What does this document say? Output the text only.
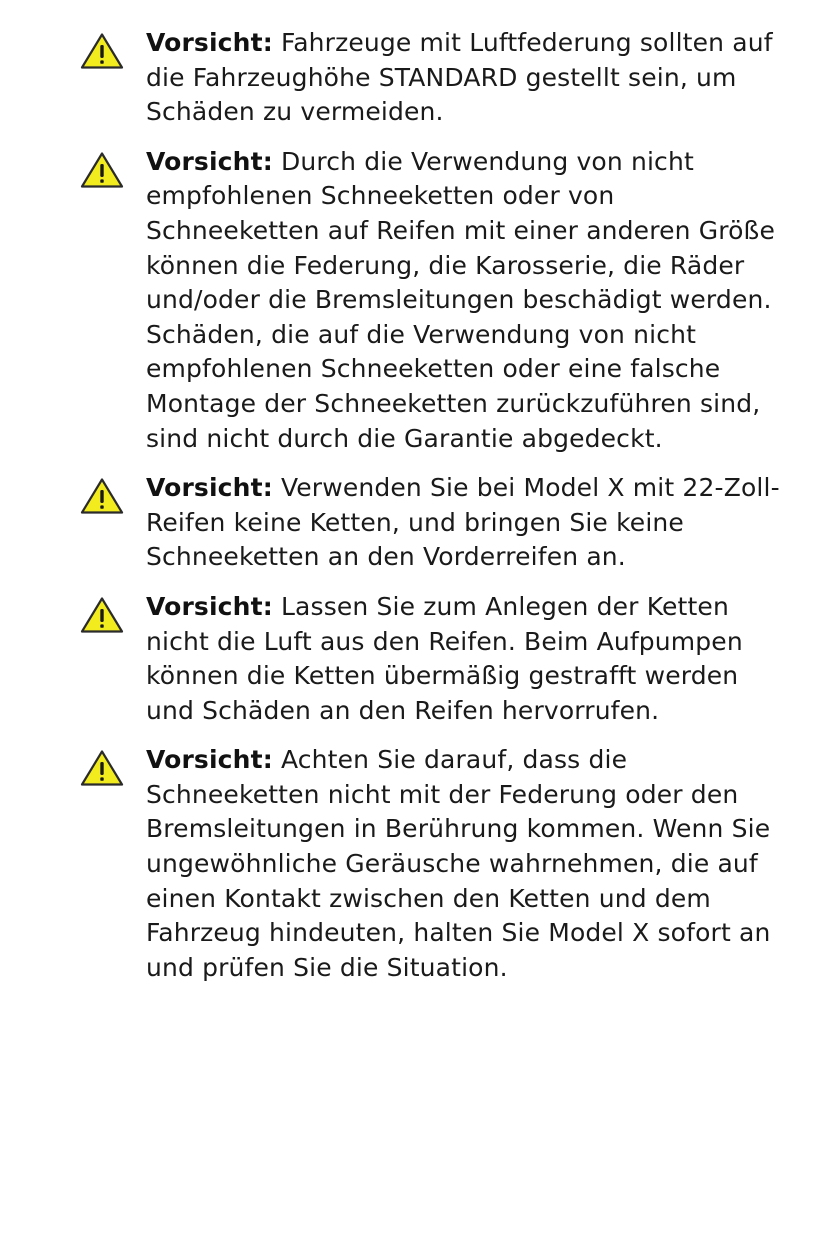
Vorsicht: Fahrzeuge mit Luftfederung sollten auf die Fahrzeughöhe STANDARD gestellt sein, um Schäden zu vermeiden.

Vorsicht: Durch die Verwendung von nicht empfohlenen Schneeketten oder von Schneeketten auf Reifen mit einer anderen Größe können die Federung, die Karosserie, die Räder und/oder die Bremsleitungen beschädigt werden. Schäden, die auf die Verwendung von nicht empfohlenen Schneeketten oder eine falsche Montage der Schneeketten zurückzuführen sind, sind nicht durch die Garantie abgedeckt.

Vorsicht: Verwenden Sie bei Model X mit 22-Zoll-Reifen keine Ketten, und bringen Sie keine Schneeketten an den Vorderreifen an.

Vorsicht: Lassen Sie zum Anlegen der Ketten nicht die Luft aus den Reifen. Beim Aufpumpen können die Ketten übermäßig gestrafft werden und Schäden an den Reifen hervorrufen.

Vorsicht: Achten Sie darauf, dass die Schneeketten nicht mit der Federung oder den Bremsleitungen in Berührung kommen. Wenn Sie ungewöhnliche Geräusche wahrnehmen, die auf einen Kontakt zwischen den Ketten und dem Fahrzeug hindeuten, halten Sie Model X sofort an und prüfen Sie die Situation.
